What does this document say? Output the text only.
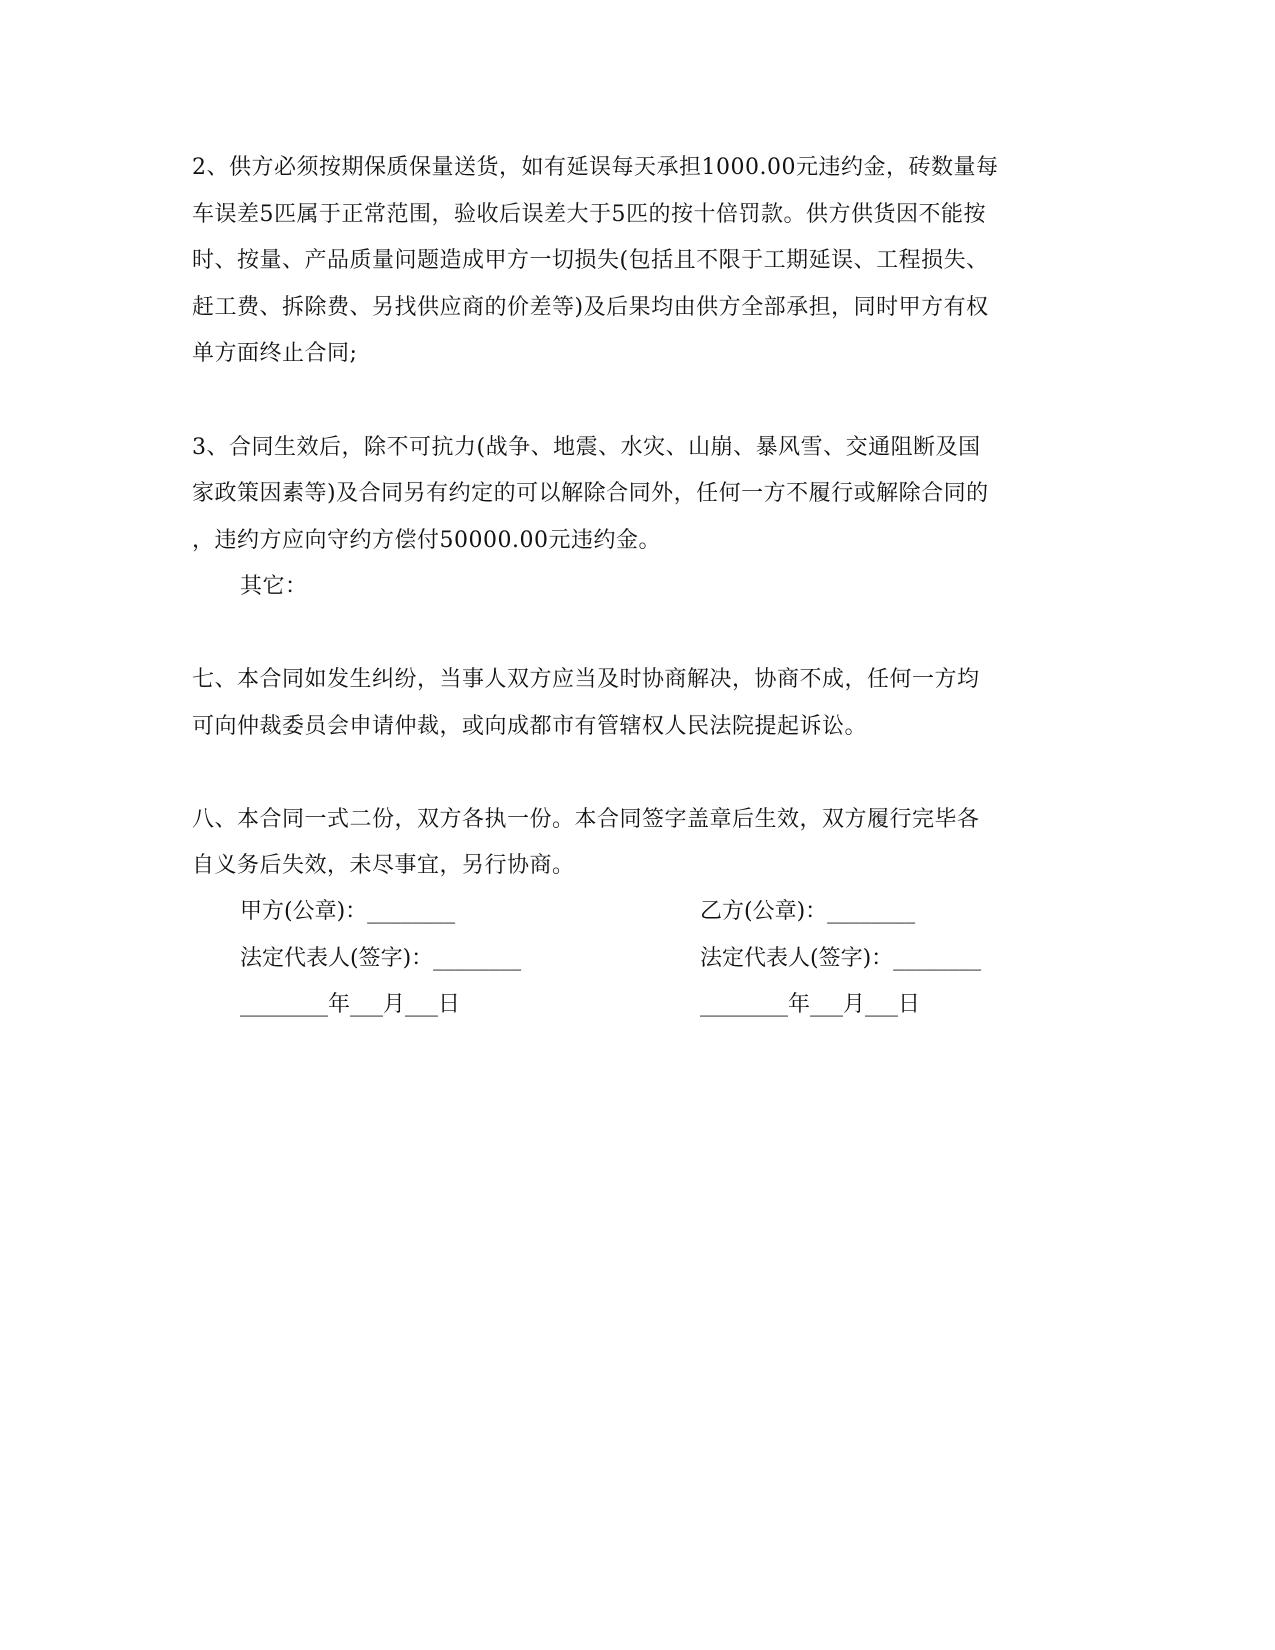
2、供方必须按期保质保量送货，如有延误每天承担1000.00元违约金，砖数量每
车误差5匹属于正常范围，验收后误差大于5匹的按十倍罚款。供方供货因不能按
时、按量、产品质量问题造成甲方一切损失(包括且不限于工期延误、工程损失、
赶工费、拆除费、另找供应商的价差等)及后果均由供方全部承担，同时甲方有权
单方面终止合同;
3、合同生效后，除不可抗力(战争、地震、水灾、山崩、暴风雪、交通阻断及国
家政策因素等)及合同另有约定的可以解除合同外，任何一方不履行或解除合同的
，违约方应向守约方偿付50000.00元违约金。
其它：
七、本合同如发生纠纷，当事人双方应当及时协商解决，协商不成，任何一方均
可向仲裁委员会申请仲裁，或向成都市有管辖权人民法院提起诉讼。
八、本合同一式二份，双方各执一份。本合同签字盖章后生效，双方履行完毕各
自义务后失效，未尽事宜，另行协商。
甲方(公章)：________	乙方(公章)：________
法定代表人(签字)：________	法定代表人(签字)：________
________年___月___日	________年___月___日
